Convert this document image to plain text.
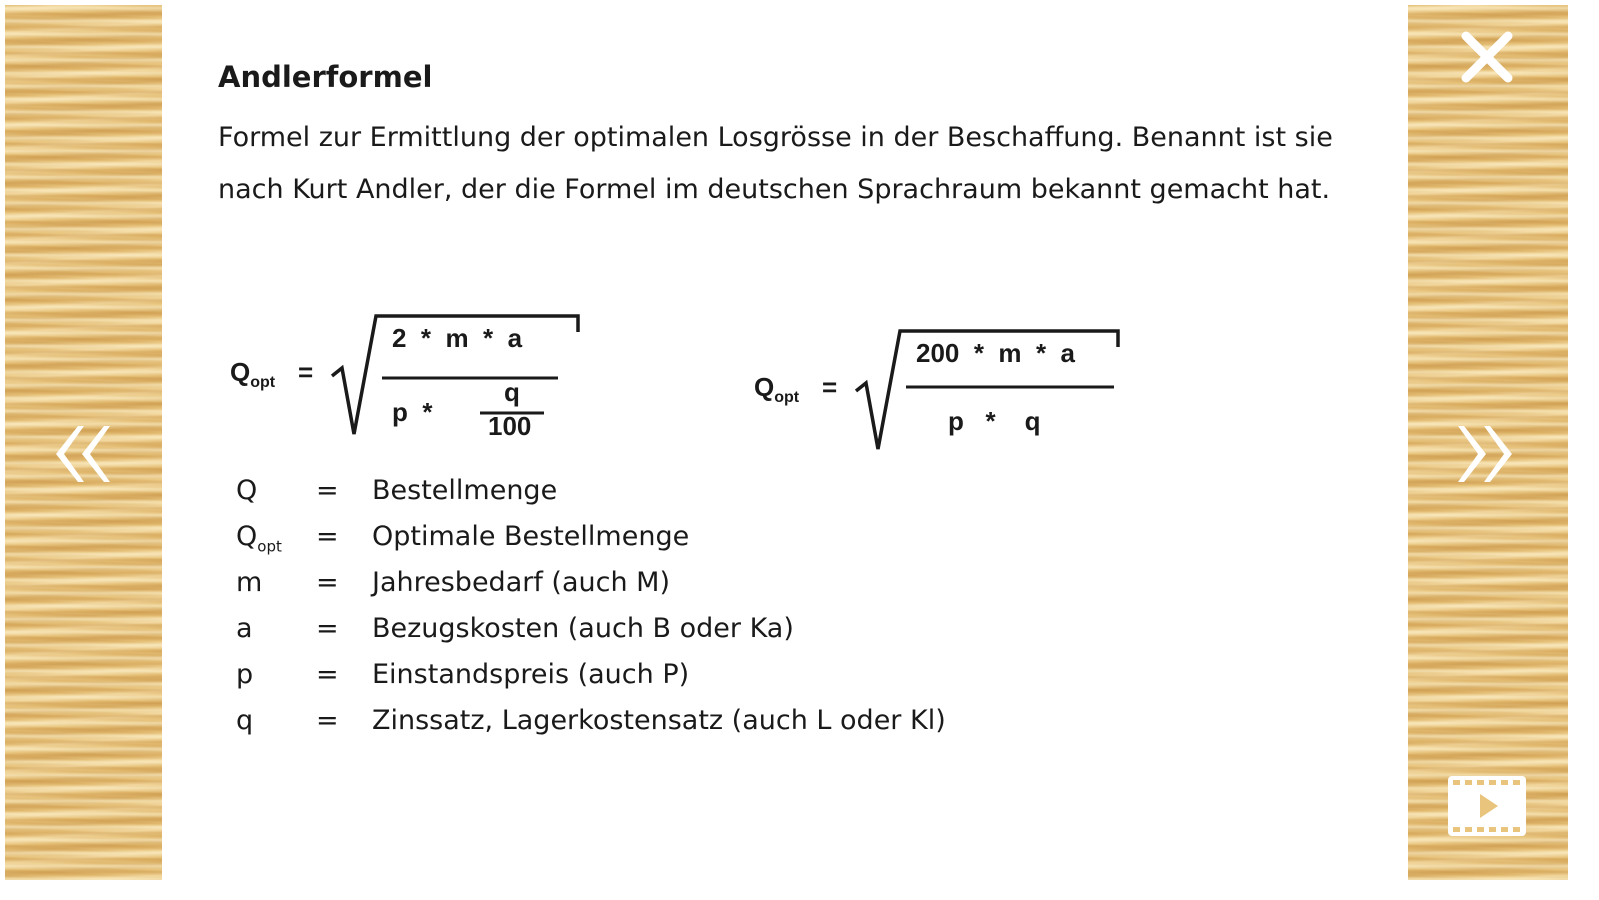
Andlerformel

Formel zur Ermittlung der optimalen Losgrösse in der Beschaffung. Benannt ist sie nach Kurt Andler, der die Formel im deutschen Sprachraum bekannt gemacht hat.

$Q_{opt}$ =
2  *  m  *  a
p  *
q
100
$Q_{opt}$ =
200  *  m  *  a
p   *    q
Q	=	Bestellmenge
$Q_{opt}$	=	Optimale Bestellmenge
m	=	Jahresbedarf (auch M)
a	=	Bezugskosten (auch B oder Ka)
p	=	Einstandspreis (auch P)
q	=	Zinssatz, Lagerkostensatz (auch L oder Kl)
